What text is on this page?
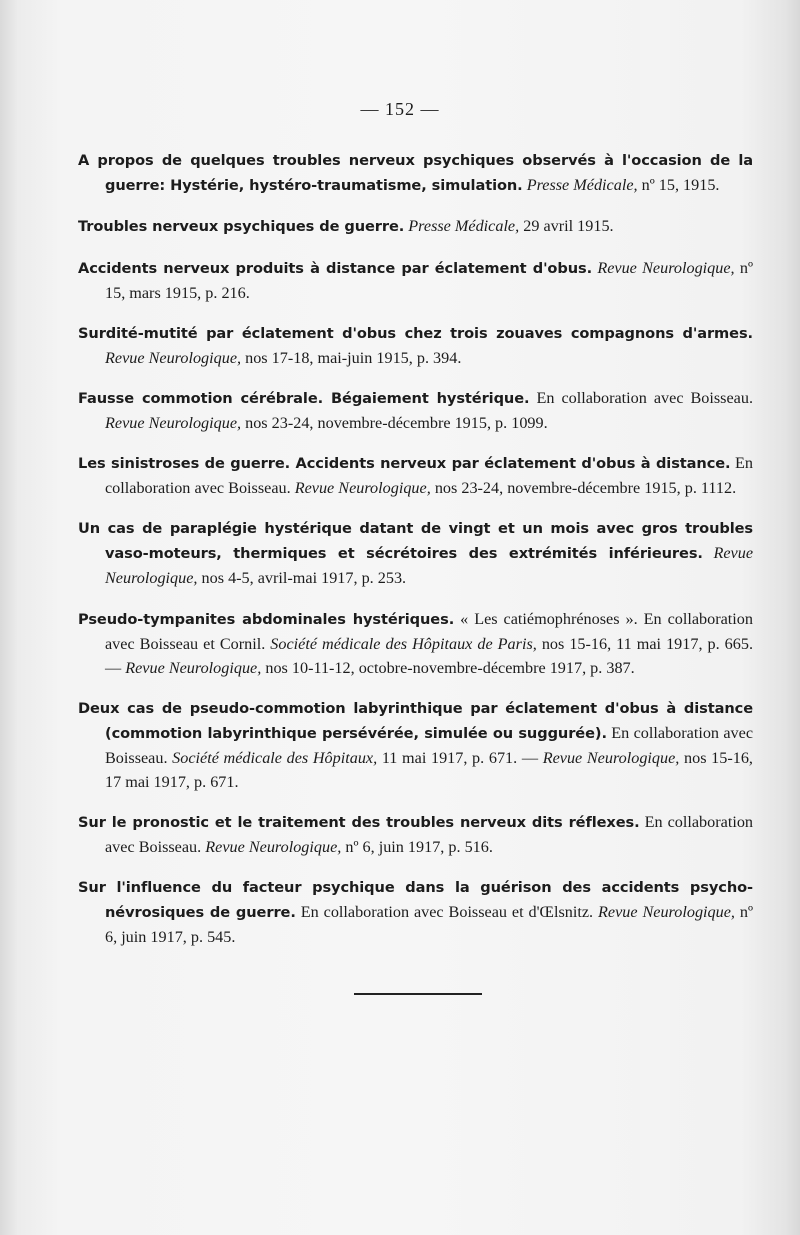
— 152 —

A propos de quelques troubles nerveux psychiques observés à l'occasion de la guerre: Hystérie, hystéro-traumatisme, simulation. Presse Médicale, nº 15, 1915.

Troubles nerveux psychiques de guerre. Presse Médicale, 29 avril 1915.

Accidents nerveux produits à distance par éclatement d'obus. Revue Neurologique, nº 15, mars 1915, p. 216.

Surdité-mutité par éclatement d'obus chez trois zouaves compagnons d'armes. Revue Neurologique, nos 17-18, mai-juin 1915, p. 394.

Fausse commotion cérébrale. Bégaiement hystérique. En collaboration avec Boisseau. Revue Neurologique, nos 23-24, novembre-décembre 1915, p. 1099.

Les sinistroses de guerre. Accidents nerveux par éclatement d'obus à distance. En collaboration avec Boisseau. Revue Neurologique, nos 23-24, novembre-décembre 1915, p. 1112.

Un cas de paraplégie hystérique datant de vingt et un mois avec gros troubles vaso-moteurs, thermiques et sécrétoires des extrémités inférieures. Revue Neurologique, nos 4-5, avril-mai 1917, p. 253.

Pseudo-tympanites abdominales hystériques. « Les catiémophrénoses ». En collaboration avec Boisseau et Cornil. Société médicale des Hôpitaux de Paris, nos 15-16, 11 mai 1917, p. 665. — Revue Neurologique, nos 10-11-12, octobre-novembre-décembre 1917, p. 387.

Deux cas de pseudo-commotion labyrinthique par éclatement d'obus à distance (commotion labyrinthique persévérée, simulée ou suggurée). En collaboration avec Boisseau. Société médicale des Hôpitaux, 11 mai 1917, p. 671. — Revue Neurologique, nos 15-16, 17 mai 1917, p. 671.

Sur le pronostic et le traitement des troubles nerveux dits réflexes. En collaboration avec Boisseau. Revue Neurologique, nº 6, juin 1917, p. 516.

Sur l'influence du facteur psychique dans la guérison des accidents psycho-névrosiques de guerre. En collaboration avec Boisseau et d'Œlsnitz. Revue Neurologique, nº 6, juin 1917, p. 545.
